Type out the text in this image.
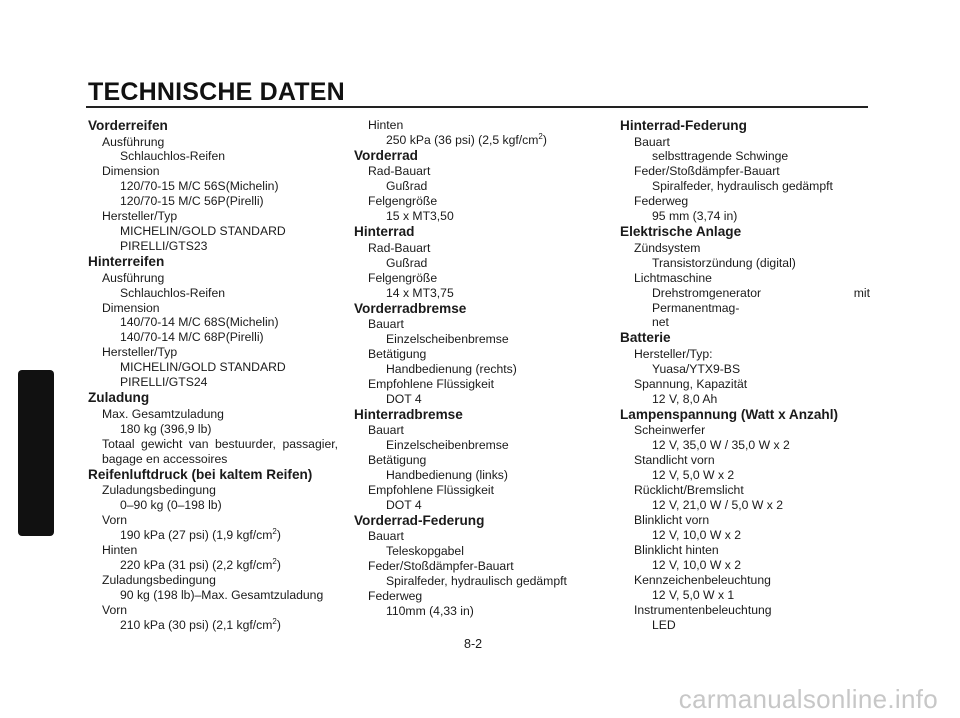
TECHNISCHE DATEN
8

Vorderreifen

Ausführung

Schlauchlos-Reifen

Dimension

120/70-15 M/C 56S(Michelin)

120/70-15 M/C 56P(Pirelli)

Hersteller/Typ

MICHELIN/GOLD STANDARD

PIRELLI/GTS23

Hinterreifen

Ausführung

Schlauchlos-Reifen

Dimension

140/70-14 M/C 68S(Michelin)

140/70-14 M/C 68P(Pirelli)

Hersteller/Typ

MICHELIN/GOLD STANDARD

PIRELLI/GTS24

Zuladung

Max. Gesamtzuladung

180 kg (396,9 lb)

Totaal gewicht van bestuurder, passagier,

bagage en accessoires

Reifenluftdruck (bei kaltem Reifen)

Zuladungsbedingung

0–90 kg (0–198 lb)

Vorn

190 kPa (27 psi) (1,9 kgf/$cm^2$)

Hinten

220 kPa (31 psi) (2,2 kgf/$cm^2$)

Zuladungsbedingung

90 kg (198 lb)–Max. Gesamtzuladung

Vorn

210 kPa (30 psi) (2,1 kgf/$cm^2$)

Hinten

250 kPa (36 psi) (2,5 kgf/$cm^2$)

Vorderrad

Rad-Bauart

Gußrad

Felgengröße

15 x MT3,50

Hinterrad

Rad-Bauart

Gußrad

Felgengröße

14 x MT3,75

Vorderradbremse

Bauart

Einzelscheibenbremse

Betätigung

Handbedienung (rechts)

Empfohlene Flüssigkeit

DOT 4

Hinterradbremse

Bauart

Einzelscheibenbremse

Betätigung

Handbedienung (links)

Empfohlene Flüssigkeit

DOT 4

Vorderrad-Federung

Bauart

Teleskopgabel

Feder/Stoßdämpfer-Bauart

Spiralfeder, hydraulisch gedämpft

Federweg

110mm (4,33 in)

Hinterrad-Federung

Bauart

selbsttragende Schwinge

Feder/Stoßdämpfer-Bauart

Spiralfeder, hydraulisch gedämpft

Federweg

95 mm (3,74 in)

Elektrische Anlage

Zündsystem

Transistorzündung (digital)

Lichtmaschine

Drehstromgenerator mit Permanentmag-

net

Batterie

Hersteller/Typ:

Yuasa/YTX9-BS

Spannung, Kapazität

12 V, 8,0 Ah

Lampenspannung (Watt x Anzahl)

Scheinwerfer

12 V, 35,0 W / 35,0 W x 2

Standlicht vorn

12 V, 5,0 W x 2

Rücklicht/Bremslicht

12 V, 21,0 W / 5,0 W x 2

Blinklicht vorn

12 V, 10,0 W x 2

Blinklicht hinten

12 V, 10,0 W x 2

Kennzeichenbeleuchtung

12 V, 5,0 W x 1

Instrumentenbeleuchtung

LED

8-2
carmanualsonline.info
